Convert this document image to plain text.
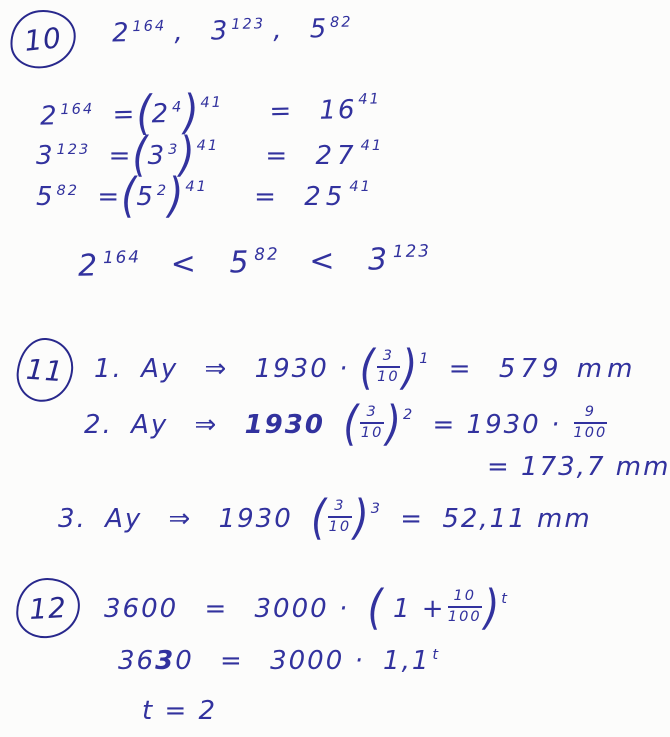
10 $2^{164}$ , $3^{123}$ , $5^{82}$
$2^{164} =(2^4)^{41} = 16^{41}$
3 $^{123}$ =(3 $^3$) $^{41}$ = 27 $^{41}$
5 $^{82}$ =(5 $^2$) $^{41}$ = 25 $^{41}$
$2^{164} < 5^{82} < 3^{123}$
11 1. Ay ⇒ 1930 · ( $\frac{3}{10}$ ) $^1$ = 579 mm
2. Ay ⇒ 1930 ( $\frac{3}{10}$ ) $^2 = 1930 \cdot \frac{9}{100}$
= 173,7 mm
3. Ay ⇒ 1930 ( $\frac{3}{10}$ ) $^3$ = 52,11 mm
12 3600 = 3000 · ( $1 + \frac{10}{100}$ ) $^t$
3630 = 3000 · 1,1 $^t$
t = 2
